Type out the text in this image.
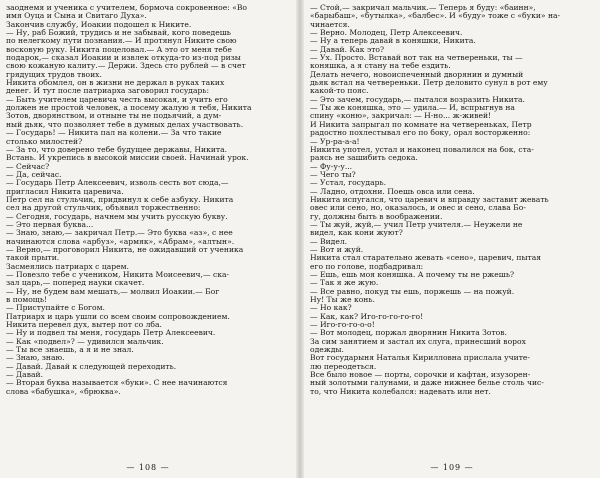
заоднемя и ученика с учителем, бормоча сокровенное: «Во

имя Оуца и Сына и Свитаго Духа».

Закончив службу, Иоакии подошел к Никите.

— Ну, раб Божий, трудись и не забывай, кого поведешь

по нелегкому пути познания.— И протянул Никите свою

восковую руку. Никита поцеловал.— А это от меня тебе

подарок,— сказал Иоакии и извлек откуда-то из-под ризы

свою кожаную калиту.— Держи. Здесь сто рублей — в счет

грядущих трудов твоих.

Никита обомлел, он в жизни не держал в руках таких

денег. И тут после патриарха заговорил государь:

— Быть учителем царевича честь высокая, и учить его

должен не простой человек, а посему жалую я тебя, Никита

Зотов, дворянством, и отныне ты не подьячий, а дум-

ный дьяк, что позволяет тебе в думных делах участвовать.

— Государь! — Никита пал на колени.— За что такие

столько милостей?

— За то, что доверено тебе будущее державы, Никита.

Встань. И укрепись в высокой миссии своей. Начинай урок.

— Сейчас?

— Да, сейчас.

— Государь Петр Алексеевич, изволь сесть вот сюда,—

пригласил Никита царевича.

Петр сел на стульчик, придвинул к себе азбуку. Никита

сел на другой стульчик, объявил торжественно:

— Сегодня, государь, начнем мы учить русскую букву.

— Это первая буква...

— Знаю, знаю,— закричал Петр.— Это буква «аз», с нее

начинаются слова «арбуз», «армяк», «Абрам», «алтын».

— Верно,— проговорил Никита, не ожидавший от ученика

такой прыти.

Засмеялись патриарх с царем.

— Повезло тебе с учеником, Никита Моисеевич,— ска-

зал царь,— поперед науки скачет.

— Ну, не будем вам мешать,— молвил Иоакии.— Бог

в помощь!

— Приступайте с Богом.

Патриарх и царь ушли со всем своим сопровождением.

Никита перевел дух, вытер пот со лба.

— Ну и подвел ты меня, государь Петр Алексеевич.

— Как «подвел»? — удивился мальчик.

— Ты все знаешь, а я и не знал.

— Знаю, знаю.

— Давай. Давай к следующей переходить.

— Давай.

— Вторая буква называется «буки». С нее начинаются

слова «бабушка», «брюква».

— 108 —

— Стой,— закричал мальчик.— Теперь я буду: «баинн»,

«барыбаш», «бутылка», «балбес». И «буду» тоже с «буки» на-

чинается.

— Верно. Молодец, Петр Алексеевич.

— Ну а теперь давай в коняшки, Никита.

— Давай. Как это?

— Ух. Просто. Вставай вот так на четвереньки, ты —

коняшка, а я стану на тебе ездить.

Делать нечего, новоиспеченный дворянин и думный

дьяк встал на четвереньки. Петр деловито сунул в рот ему

какой-то пояс.

— Это зачем, государь,— пытался возразить Никита.

— Ты же коняшка, это — удила.— И, вспрыгнув на

спину «коню», закричал: — Н-но... ж-живей!

И Никита запрыгал по комнате на четвереньках, Петр

радостно похлестывал его по боку, орал восторженно:

— Ур-ра-а-а!

Никита употел, устал и наконец повалился на бок, ста-

раясь не зашибить седока.

— Фу-у-у...

— Чего ты?

— Устал, государь.

— Ладно, отдохни. Поешь овса или сена.

Никита испугался, что царевич и вправду заставит жевать

овес или сено, но, оказалось, и овес и сено, слава Бо-

гу, должны быть в воображении.

— Ты жуй, жуй,— учил Петр учителя.— Неужели не

видел, как кони жуют?

— Видел.

— Вот и жуй.

Никита стал старательно жевать «сено», царевич, пытая

его по голове, подбадривал:

— Ешь, ешь моя коняшка. А почему ты не ржешь?

— Так я же жую.

— Все равно, покуд ты ешь, поржешь — на пожуй.

Ну! Ты же конь.

— Но как?

— Как, как? Иго-го-го-го-го!

— Иго-го-го-о-о!

— Вот молодец, поржал дворянин Никита Зотов.

За сим занятием и застал их слуга, принесший ворох

одежды.

Вот государыня Наталья Кирилловна прислала учите-

лю переодеться.

Все было новое — порты, сорочки и кафтан, изузорен-

ный золотыми галунами, и даже нижнее белье столь чис-

то, что Никита колебался: надевать или нет.

— 109 —
